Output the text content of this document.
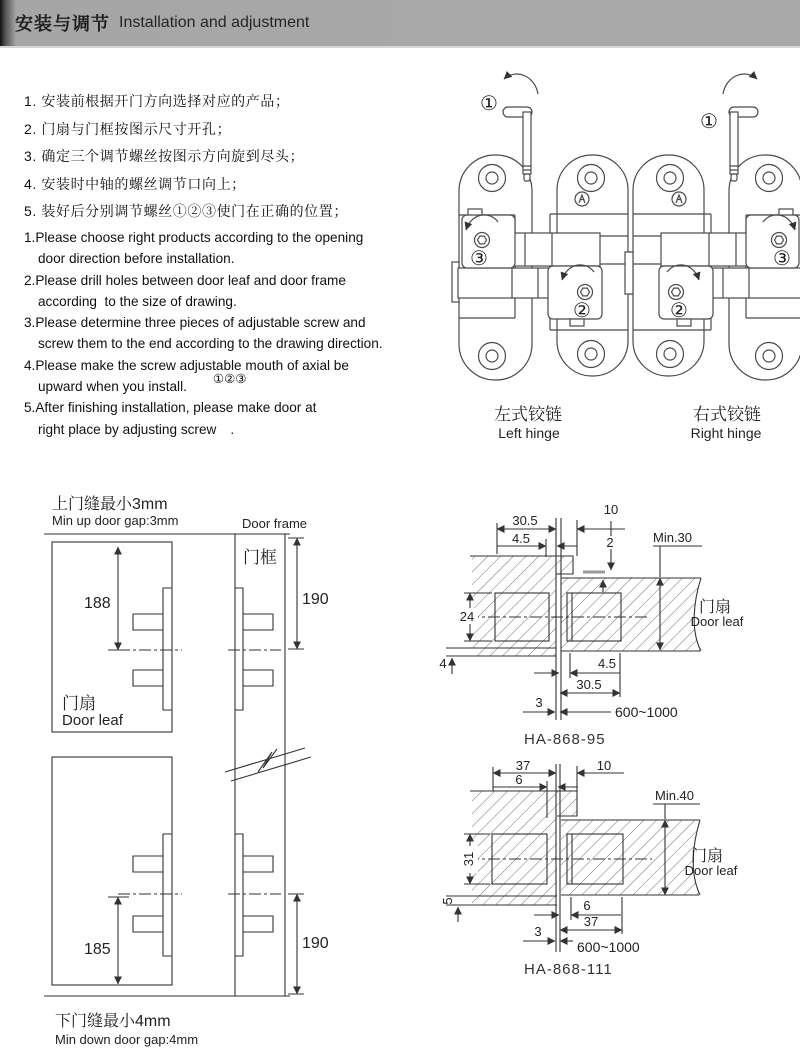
安装与调节 Installation and adjustment
1. 安装前根据开门方向选择对应的产品；
2. 门扇与门框按图示尺寸开孔；
3. 确定三个调节螺丝按图示方向旋到尽头；
4. 安装时中轴的螺丝调节口向上；
5. 装好后分别调节螺丝①②③使门在正确的位置；
1.Please choose right products according to the opening
door direction before installation.
2.Please drill holes between door leaf and door frame
according  to the size of drawing.
3.Please determine three pieces of adjustable screw and
screw them to the end according to the drawing direction.
4.Please make the screw adjustable mouth of axial be
upward when you install. ①②③
5.After finishing installation, please make door at
right place by adjusting screw .
①
③
②
左式铰链
Left hinge
①
③
②
右式铰链
Right hinge
上门缝最小3mm
Min up door gap:3mm	Door frame
门框
188	190
185	190
门扇
Door leaf
下门缝最小4mm
Min down door gap:4mm
30.5
4.5
10
2	Min.30
24
4	4.5
30.5
3
600~1000
门扇
Door leaf
HA-868-95
37
6
10
Min.40
31
5	6
37
3
600~1000
门扇
Door leaf
HA-868-111
